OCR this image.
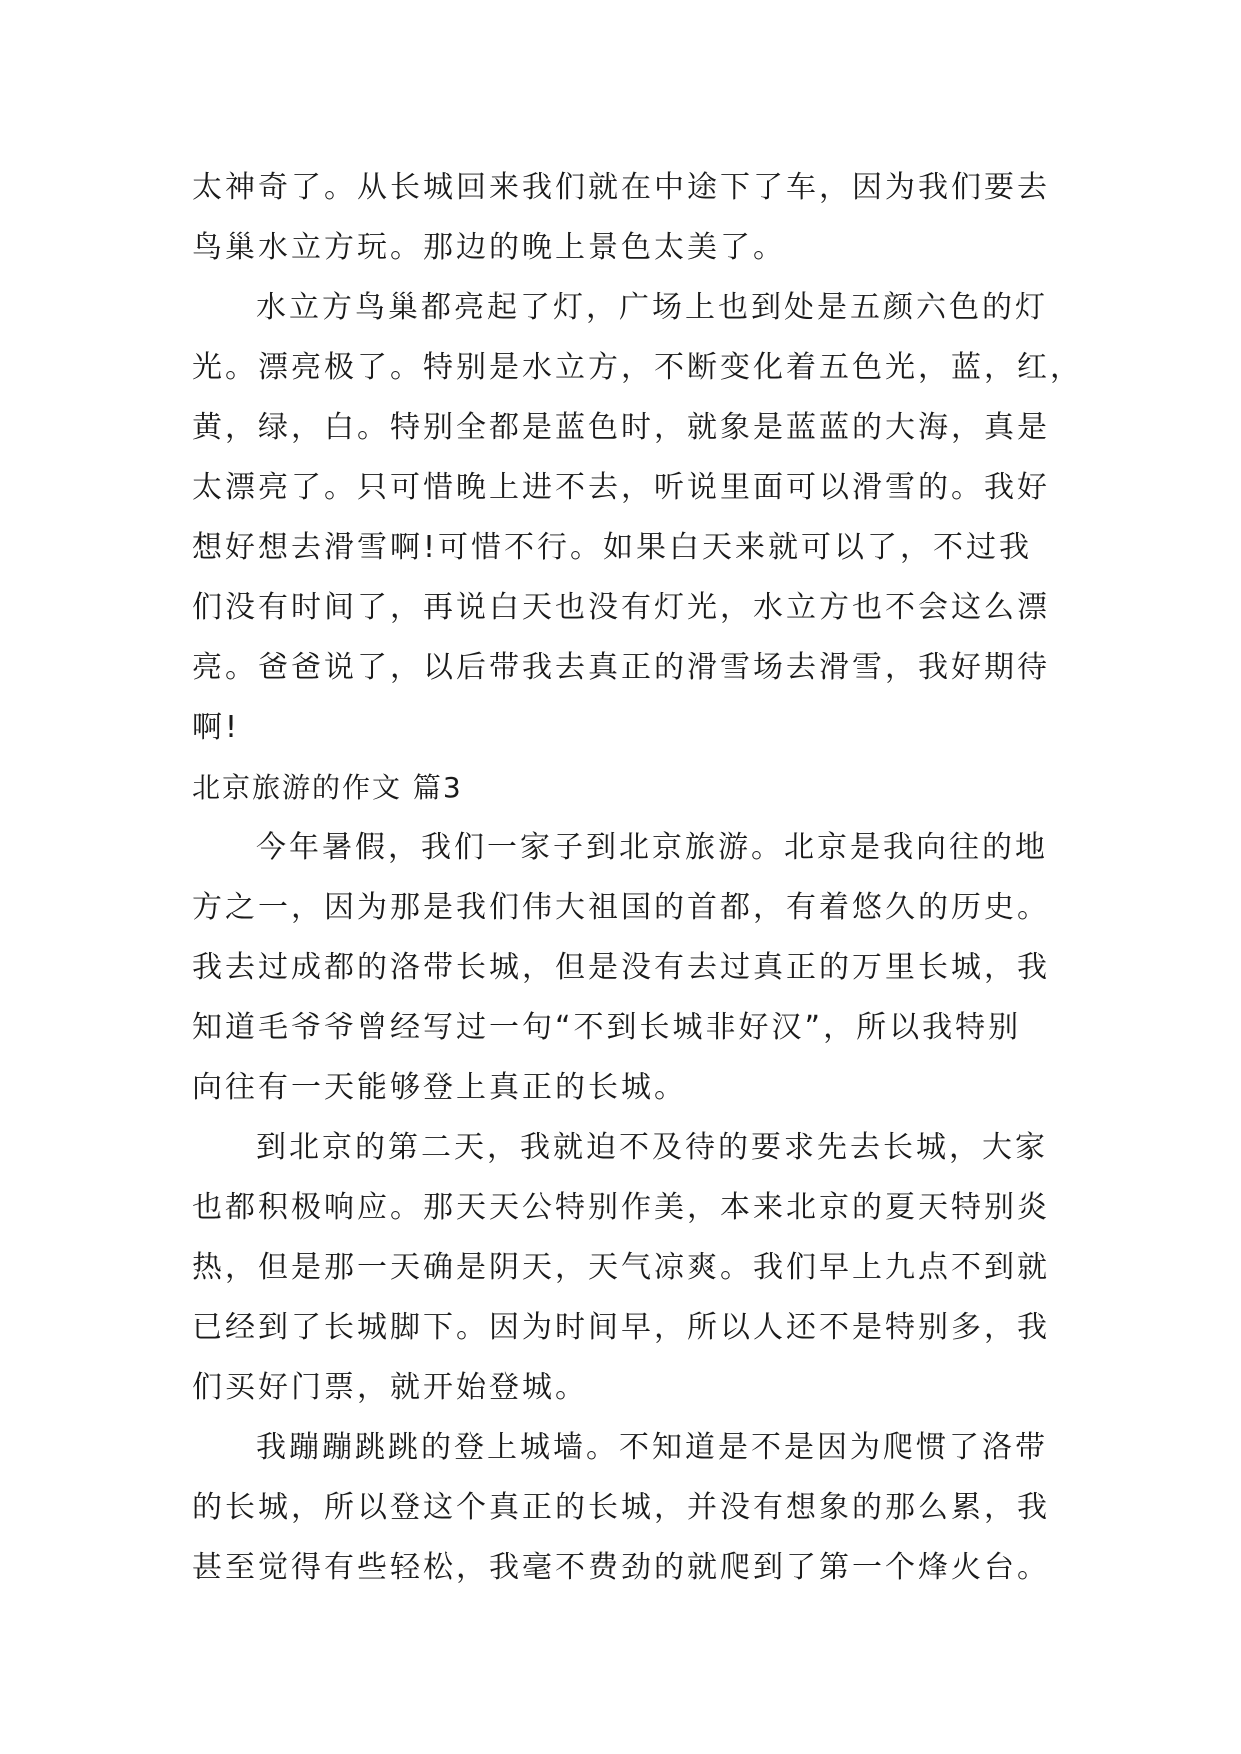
太神奇了。从长城回来我们就在中途下了车，因为我们要去
鸟巢水立方玩。那边的晚上景色太美了。
水立方鸟巢都亮起了灯，广场上也到处是五颜六色的灯
光。漂亮极了。特别是水立方，不断变化着五色光，蓝，红，
黄，绿，白。特别全都是蓝色时，就象是蓝蓝的大海，真是
太漂亮了。只可惜晚上进不去，听说里面可以滑雪的。我好
想好想去滑雪啊!可惜不行。如果白天来就可以了，不过我
们没有时间了，再说白天也没有灯光，水立方也不会这么漂
亮。爸爸说了，以后带我去真正的滑雪场去滑雪，我好期待
啊!
北京旅游的作文 篇3
今年暑假，我们一家子到北京旅游。北京是我向往的地
方之一，因为那是我们伟大祖国的首都，有着悠久的历史。
我去过成都的洛带长城，但是没有去过真正的万里长城，我
知道毛爷爷曾经写过一句“不到长城非好汉”，所以我特别
向往有一天能够登上真正的长城。
到北京的第二天，我就迫不及待的要求先去长城，大家
也都积极响应。那天天公特别作美，本来北京的夏天特别炎
热，但是那一天确是阴天，天气凉爽。我们早上九点不到就
已经到了长城脚下。因为时间早，所以人还不是特别多，我
们买好门票，就开始登城。
我蹦蹦跳跳的登上城墙。不知道是不是因为爬惯了洛带
的长城，所以登这个真正的长城，并没有想象的那么累，我
甚至觉得有些轻松，我毫不费劲的就爬到了第一个烽火台。
